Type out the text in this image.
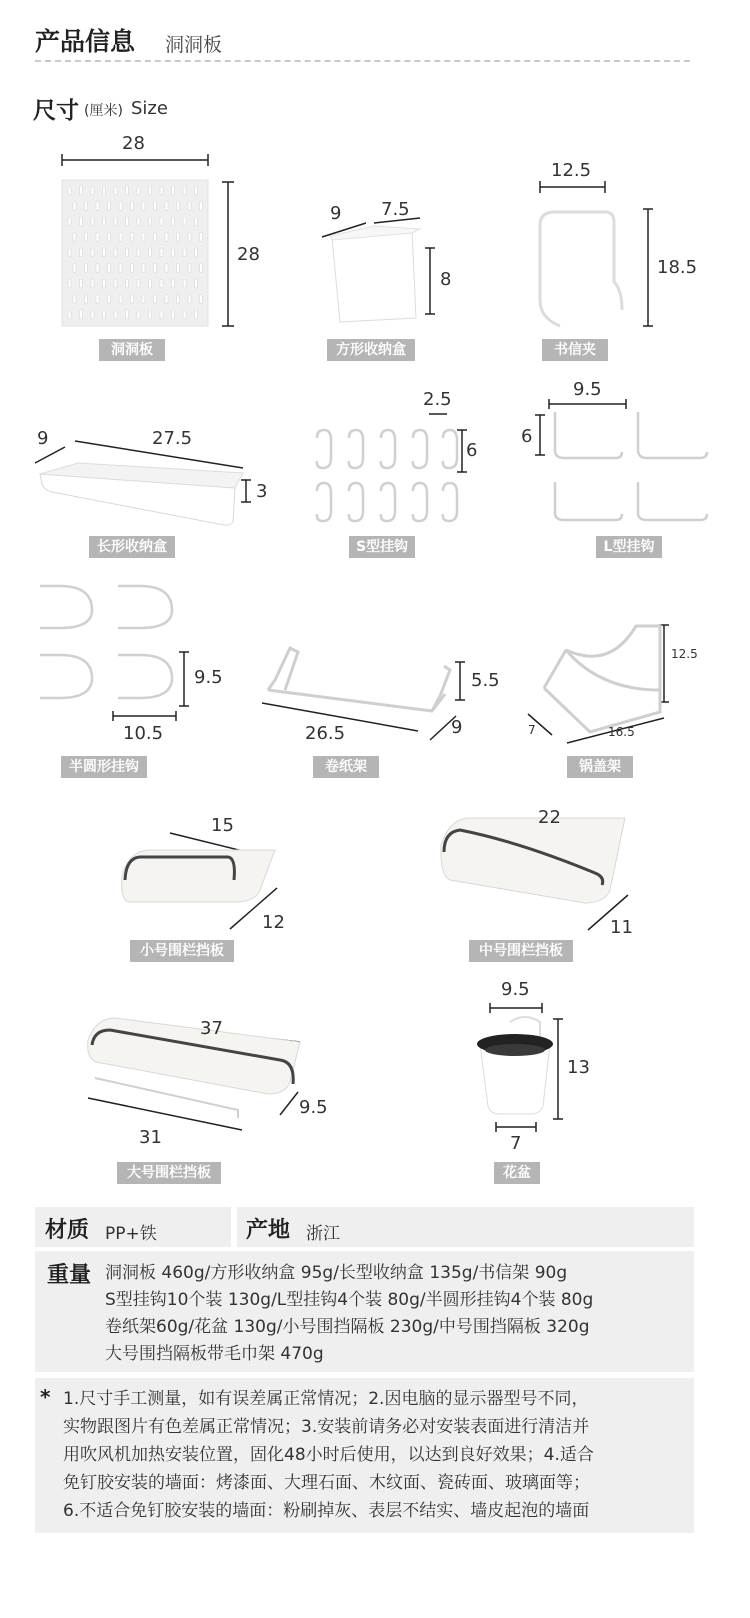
产品信息 洞洞板
尺寸 (厘米) Size
28
28
9 7.5
8
12.5
18.5
9	27.5
3
2.5
6
9.5
6
9.5
10.5	26.5
5.5
9
12.5
7	16.5
15
12
22
11
37
9.5
31
9.5
13
7
洞洞板	方形收纳盒	书信夹
长形收纳盒	S型挂钩	L型挂钩
半圆形挂钩	卷纸架	锅盖架
小号围栏挡板	中号围栏挡板
大号围栏挡板	花盆
材质 PP+铁	产地 浙江
重量 洞洞板 460g/方形收纳盒 95g/长型收纳盒 135g/书信架 90g
S型挂钩10个装 130g/L型挂钩4个装 80g/半圆形挂钩4个装 80g
卷纸架60g/花盆 130g/小号围挡隔板 230g/中号围挡隔板 320g
大号围挡隔板带毛巾架 470g
* 1.尺寸手工测量，如有误差属正常情况；2.因电脑的显示器型号不同，
实物跟图片有色差属正常情况；3.安装前请务必对安装表面进行清洁并
用吹风机加热安装位置，固化48小时后使用，以达到良好效果；4.适合
免钉胶安装的墙面：烤漆面、大理石面、木纹面、瓷砖面、玻璃面等；
6.不适合免钉胶安装的墙面：粉刷掉灰、表层不结实、墙皮起泡的墙面
